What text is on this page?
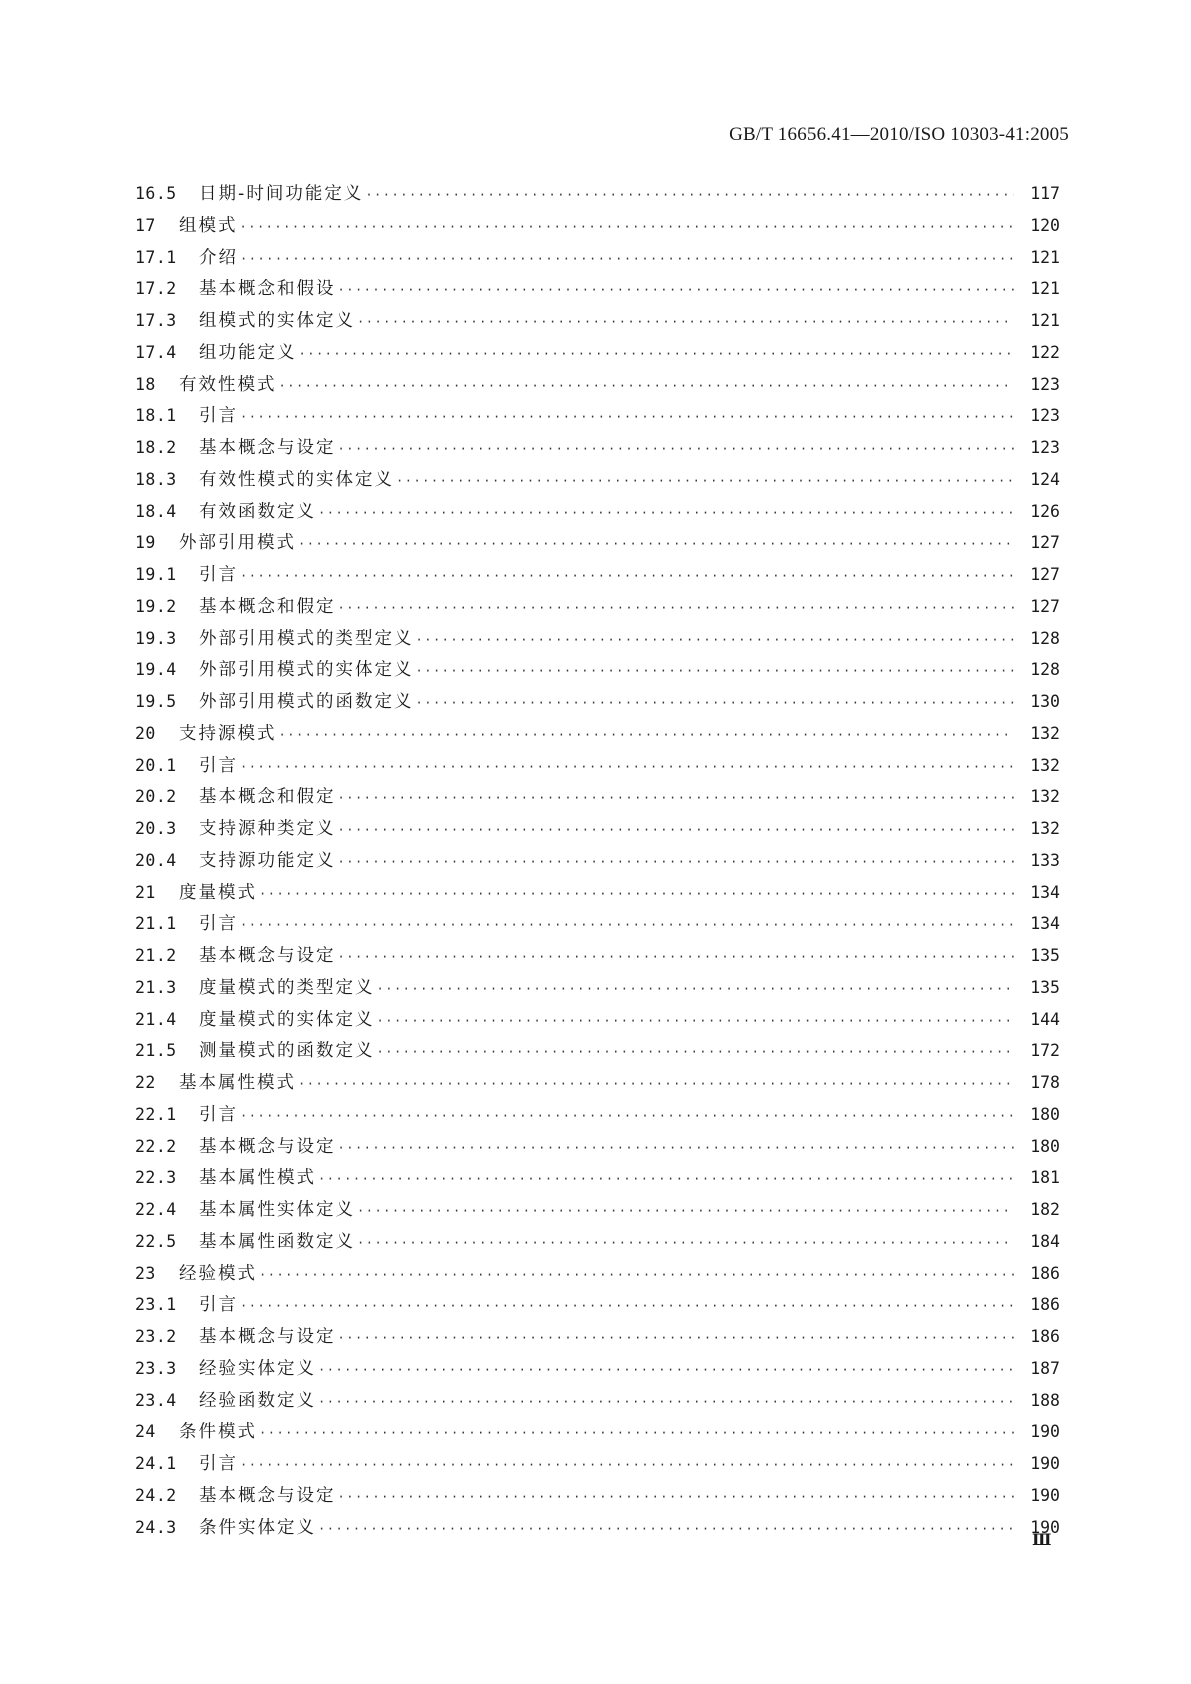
GB/T 16656.41—2010/ISO 10303-41:2005
16.5	日期-时间功能定义 ·····	117
17	组模式 ·····	120
17.1	介绍 ·····	121
17.2	基本概念和假设 ·····	121
17.3	组模式的实体定义 ·····	121
17.4	组功能定义 ·····	122
18	有效性模式 ·····	123
18.1	引言 ·····	123
18.2	基本概念与设定 ·····	123
18.3	有效性模式的实体定义 ·····	124
18.4	有效函数定义 ·····	126
19	外部引用模式 ·····	127
19.1	引言 ·····	127
19.2	基本概念和假定 ·····	127
19.3	外部引用模式的类型定义 ·····	128
19.4	外部引用模式的实体定义 ·····	128
19.5	外部引用模式的函数定义 ·····	130
20	支持源模式 ·····	132
20.1	引言 ·····	132
20.2	基本概念和假定 ·····	132
20.3	支持源种类定义 ·····	132
20.4	支持源功能定义 ·····	133
21	度量模式 ·····	134
21.1	引言 ·····	134
21.2	基本概念与设定 ·····	135
21.3	度量模式的类型定义 ·····	135
21.4	度量模式的实体定义 ·····	144
21.5	测量模式的函数定义 ·····	172
22	基本属性模式 ·····	178
22.1	引言 ·····	180
22.2	基本概念与设定 ·····	180
22.3	基本属性模式 ·····	181
22.4	基本属性实体定义 ·····	182
22.5	基本属性函数定义 ·····	184
23	经验模式 ·····	186
23.1	引言 ·····	186
23.2	基本概念与设定 ·····	186
23.3	经验实体定义 ·····	187
23.4	经验函数定义 ·····	188
24	条件模式 ·····	190
24.1	引言 ·····	190
24.2	基本概念与设定 ·····	190
24.3	条件实体定义 ·····	190
Ⅲ
